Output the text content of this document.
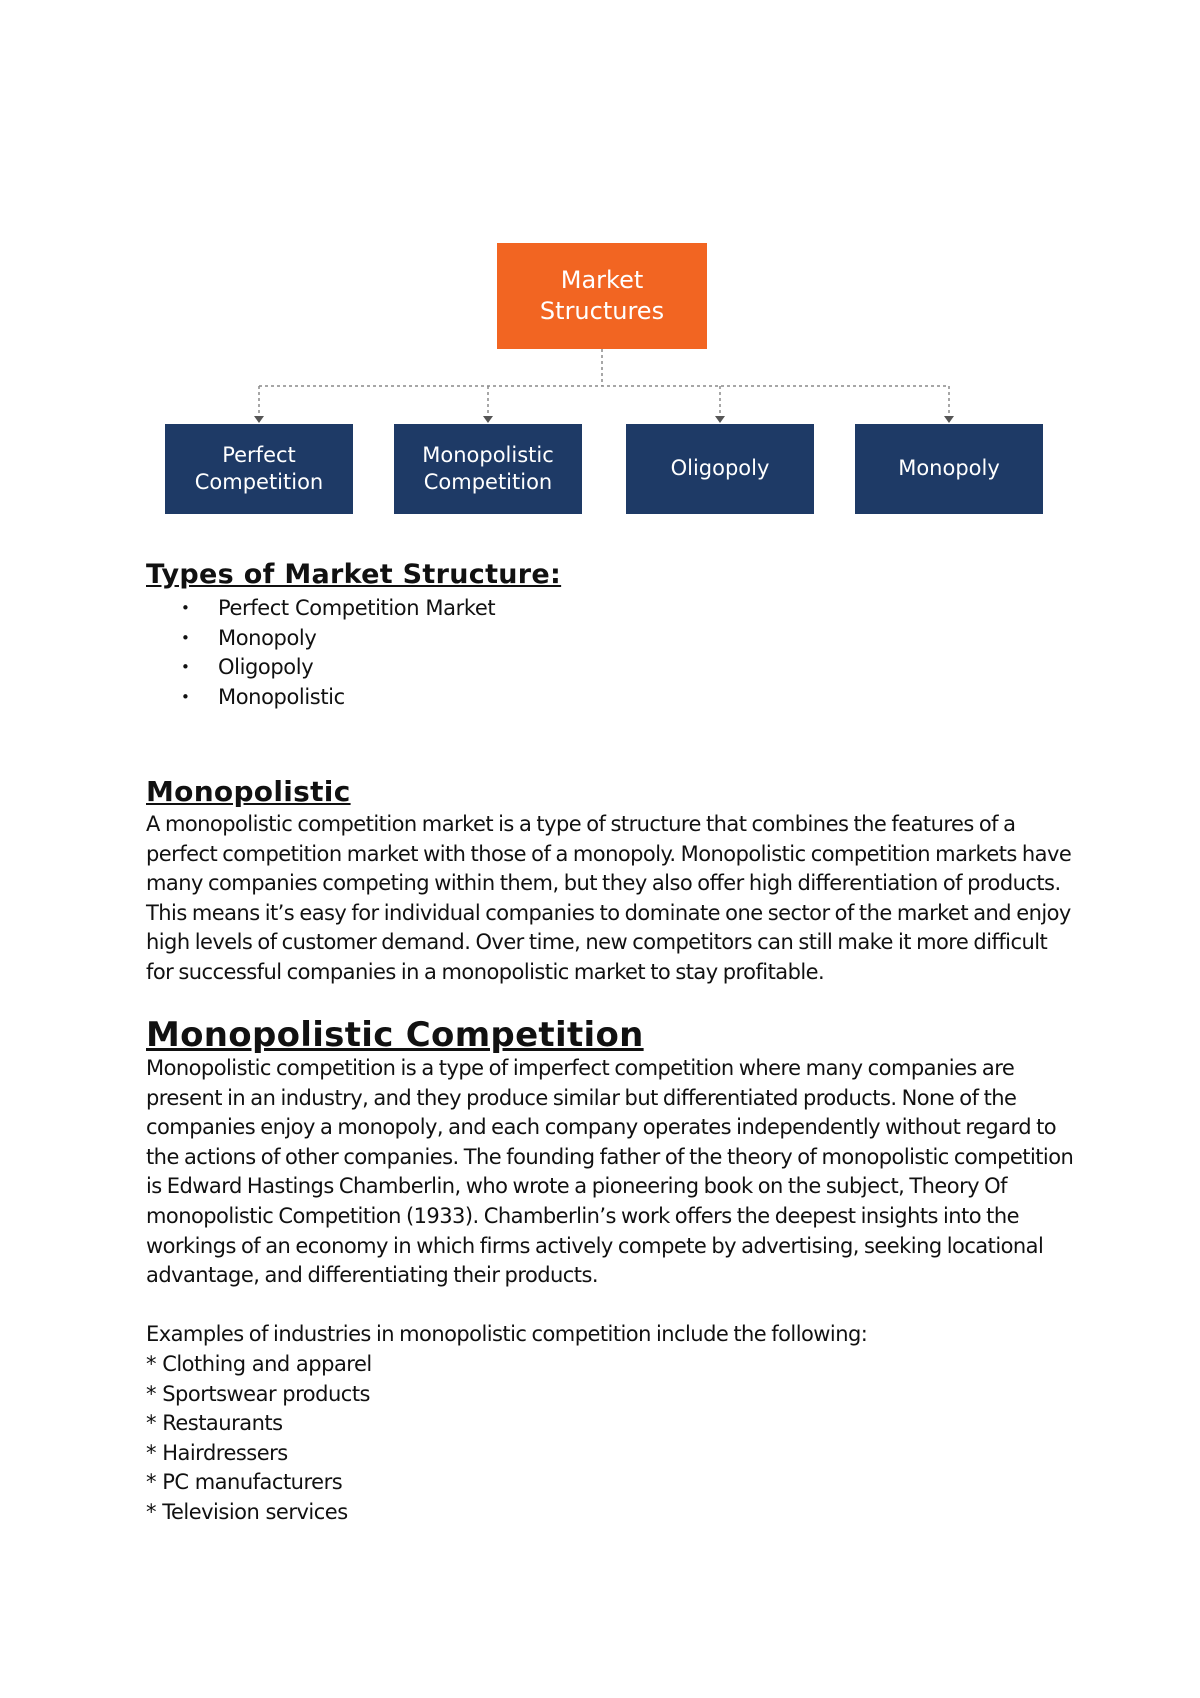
Market
Structures
Perfect
Competition
Monopolistic
Competition
Oligopoly	Monopoly
Types of Market Structure:
• Perfect Competition Market
• Monopoly
• Oligopoly
• Monopolistic
Monopolistic

A monopolistic competition market is a type of structure that combines the features of a perfect competition market with those of a monopoly. Monopolistic competition markets have many companies competing within them, but they also offer high differentiation of products. This means it’s easy for individual companies to dominate one sector of the market and enjoy high levels of customer demand. Over time, new competitors can still make it more difficult for successful companies in a monopolistic market to stay profitable.

Monopolistic Competition

Monopolistic competition is a type of imperfect competition where many companies are present in an industry, and they produce similar but differentiated products. None of the companies enjoy a monopoly, and each company operates independently without regard to the actions of other companies. The founding father of the theory of monopolistic competition is Edward Hastings Chamberlin, who wrote a pioneering book on the subject, Theory Of monopolistic Competition (1933). Chamberlin’s work offers the deepest insights into the workings of an economy in which firms actively compete by advertising, seeking locational advantage, and differentiating their products.

Examples of industries in monopolistic competition include the following:

* Clothing and apparel
* Sportswear products
* Restaurants
* Hairdressers
* PC manufacturers
* Television services
